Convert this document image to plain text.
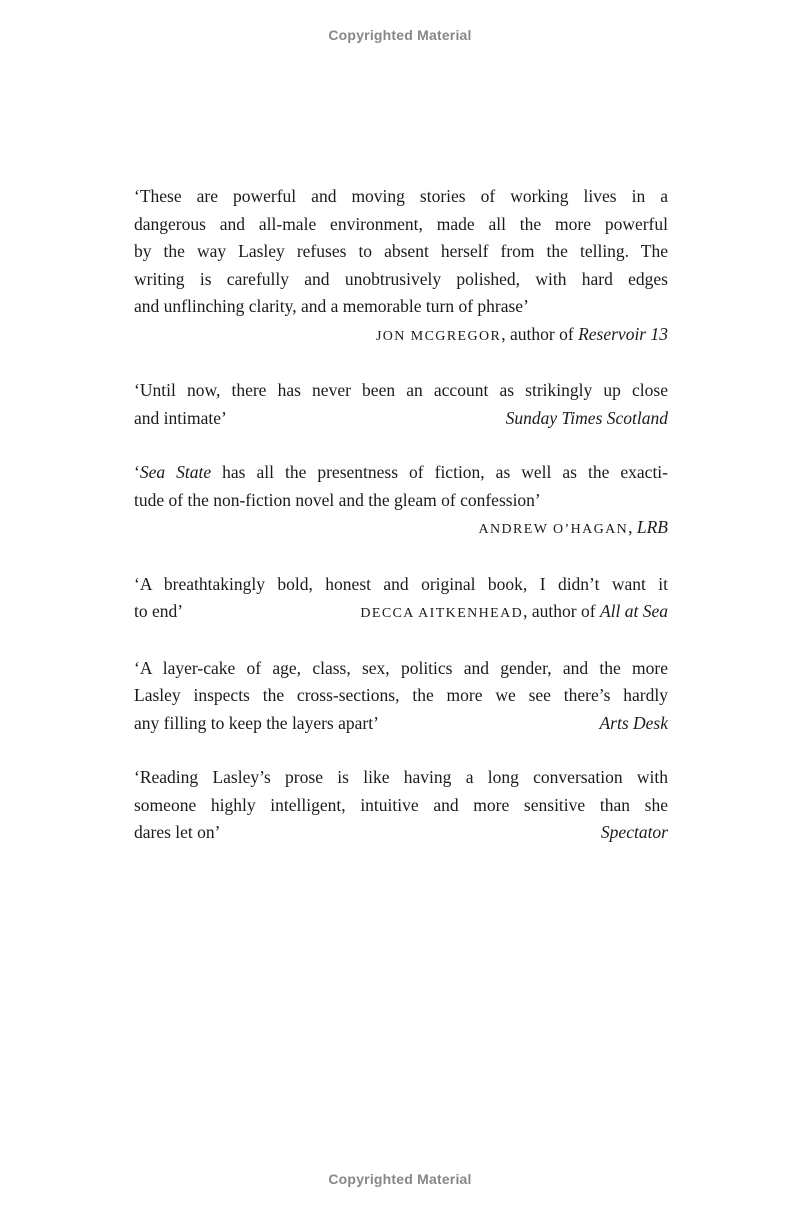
Copyrighted Material
‘These are powerful and moving stories of working lives in a
dangerous and all-male environment, made all the more powerful
by the way Lasley refuses to absent herself from the telling. The
writing is carefully and unobtrusively polished, with hard edges
and unflinching clarity, and a memorable turn of phrase’
JON MCGREGOR, author of Reservoir 13
‘Until now, there has never been an account as strikingly up close
and intimate’	Sunday Times Scotland
‘Sea State has all the presentness of fiction, as well as the exacti-
tude of the non-fiction novel and the gleam of confession’
ANDREW O’HAGAN, LRB
‘A breathtakingly bold, honest and original book, I didn’t want it
to end’	DECCA AITKENHEAD, author of All at Sea
‘A layer-cake of age, class, sex, politics and gender, and the more
Lasley inspects the cross-sections, the more we see there’s hardly
any filling to keep the layers apart’	Arts Desk
‘Reading Lasley’s prose is like having a long conversation with
someone highly intelligent, intuitive and more sensitive than she
dares let on’	Spectator
Copyrighted Material
